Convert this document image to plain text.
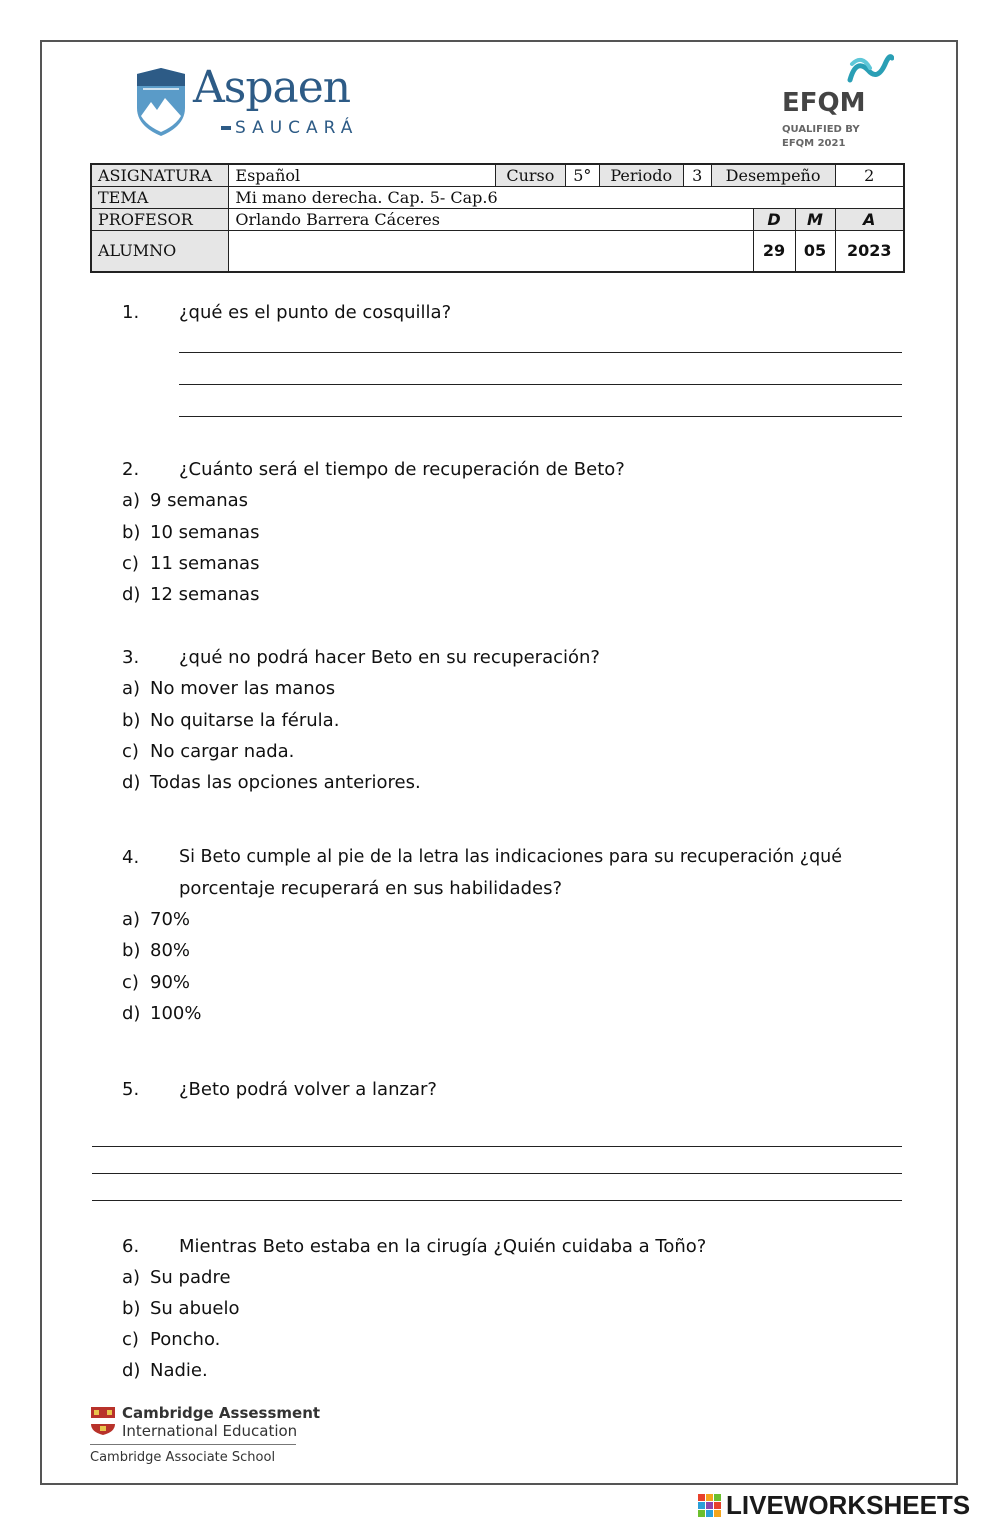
Aspaen
SAUCARÁ
EFQM
QUALIFIED BY
EFQM 2021
ASIGNATURA	Español	Curso	5°	Periodo	3	Desempeño			2
TEMA	Mi mano derecha. Cap. 5- Cap.6								
PROFESOR	Orlando Barrera Cáceres						D	M	A
ALUMNO							29	05	2023
1. ¿qué es el punto de cosquilla?
2. ¿Cuánto será el tiempo de recuperación de Beto?
a) 9 semanas
b) 10 semanas
c) 11 semanas
d) 12 semanas
3. ¿qué no podrá hacer Beto en su recuperación?
a) No mover las manos
b) No quitarse la férula.
c) No cargar nada.
d) Todas las opciones anteriores.
4. Si Beto cumple al pie de la letra las indicaciones para su recuperación ¿qué
porcentaje recuperará en sus habilidades?
a) 70%
b) 80%
c) 90%
d) 100%
5. ¿Beto podrá volver a lanzar?
6. Mientras Beto estaba en la cirugía ¿Quién cuidaba a Toño?
a) Su padre
b) Su abuelo
c) Poncho.
d) Nadie.
Cambridge Assessment
International Education
Cambridge Associate School
LIVEWORKSHEETS
